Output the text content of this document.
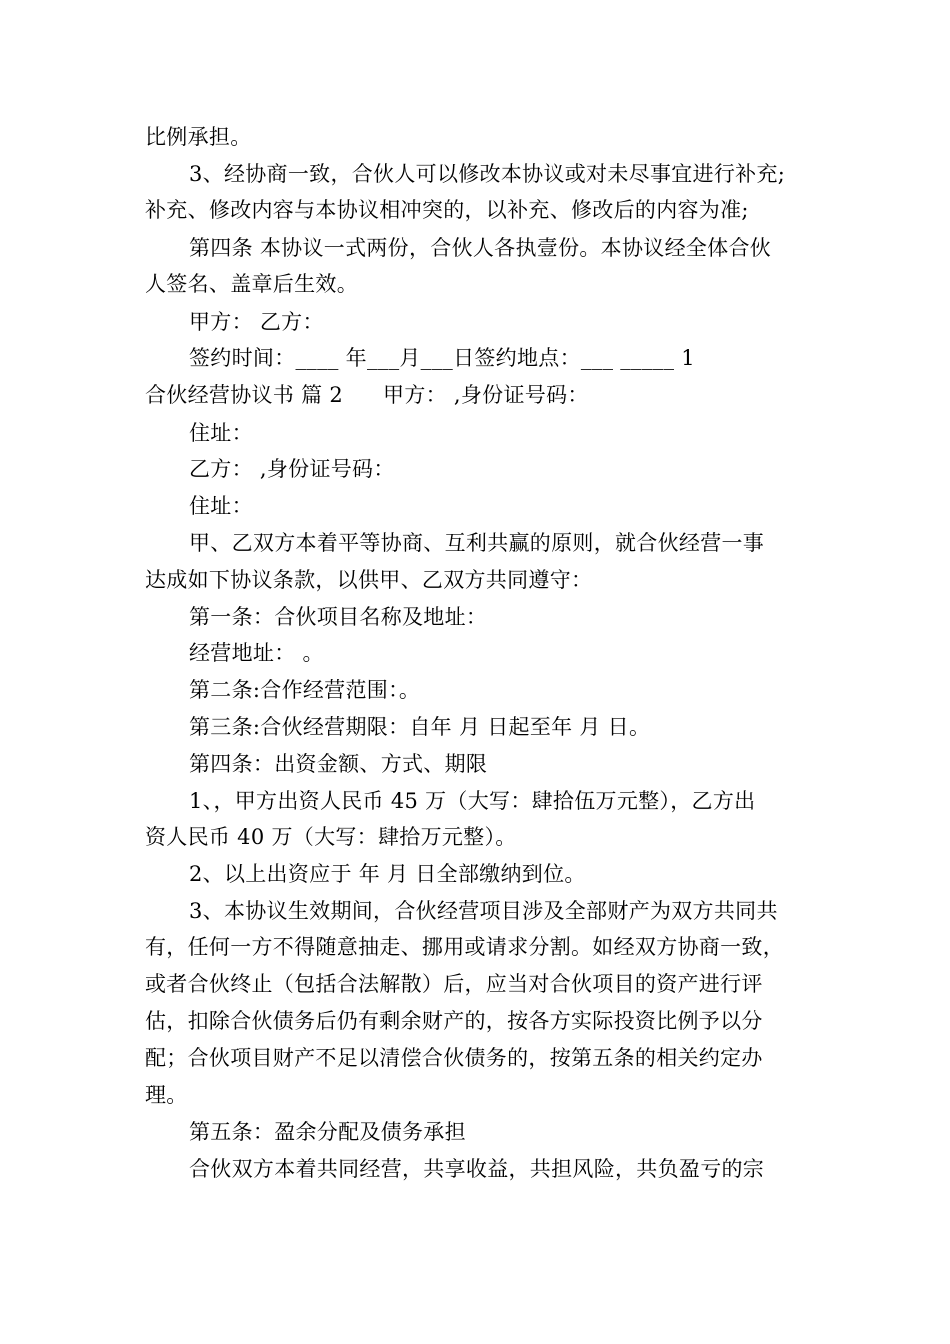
比例承担。
3、经协商一致，合伙人可以修改本协议或对未尽事宜进行补充;
补充、修改内容与本协议相冲突的，以补充、修改后的内容为准;
第四条 本协议一式两份，合伙人各执壹份。本协议经全体合伙
人签名、盖章后生效。
甲方： 乙方：
签约时间：____ 年___月___日签约地点：___ _____ 1
合伙经营协议书 篇 2 甲方： ,身份证号码：
住址：
乙方： ,身份证号码：
住址：
甲、乙双方本着平等协商、互利共赢的原则，就合伙经营一事
达成如下协议条款，以供甲、乙双方共同遵守：
第一条：合伙项目名称及地址：
经营地址： 。
第二条:合作经营范围：。
第三条:合伙经营期限：自年 月 日起至年 月 日。
第四条：出资金额、方式、期限
1、，甲方出资人民币 45 万（大写：肆拾伍万元整），乙方出
资人民币 40 万（大写：肆拾万元整）。
2、以上出资应于 年 月 日全部缴纳到位。
3、本协议生效期间，合伙经营项目涉及全部财产为双方共同共
有，任何一方不得随意抽走、挪用或请求分割。如经双方协商一致，
或者合伙终止（包括合法解散）后，应当对合伙项目的资产进行评
估，扣除合伙债务后仍有剩余财产的，按各方实际投资比例予以分
配；合伙项目财产不足以清偿合伙债务的，按第五条的相关约定办
理。
第五条：盈余分配及债务承担
合伙双方本着共同经营，共享收益，共担风险，共负盈亏的宗
